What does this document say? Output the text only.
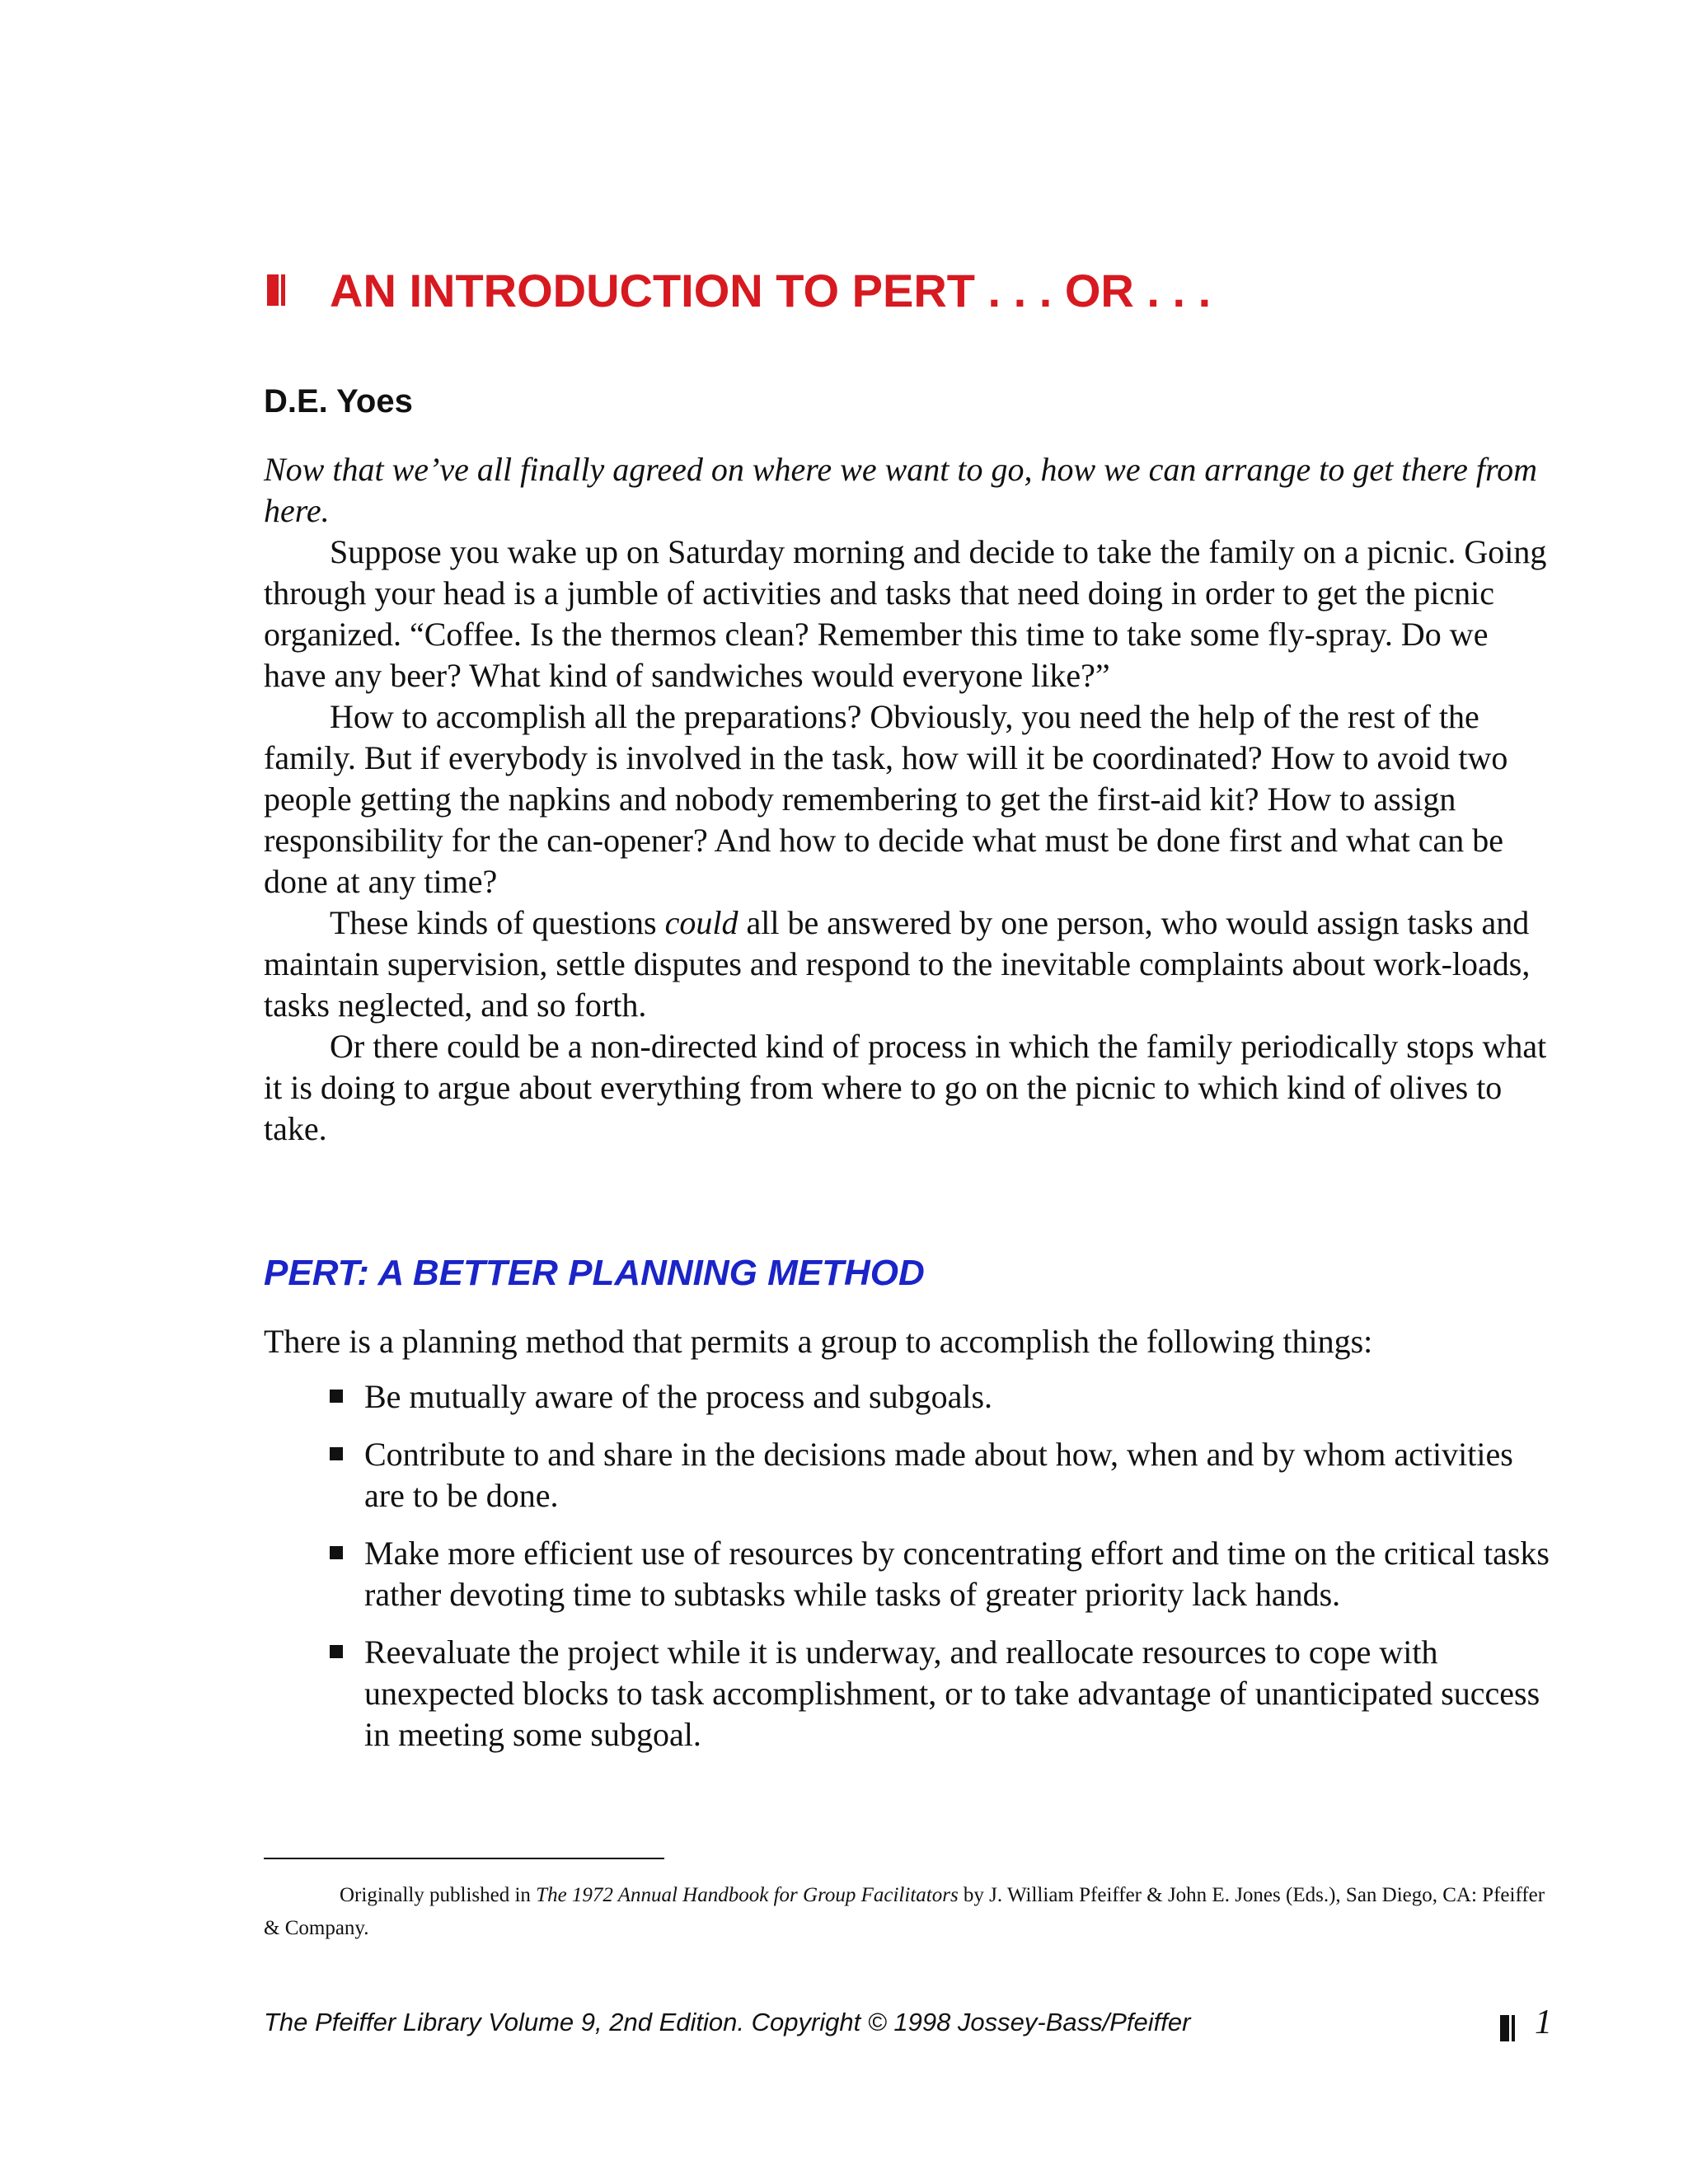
AN INTRODUCTION TO PERT . . . OR . . .
D.E. Yoes

Now that we’ve all finally agreed on where we want to go, how we can arrange to get there from here.

Suppose you wake up on Saturday morning and decide to take the family on a picnic. Going through your head is a jumble of activities and tasks that need doing in order to get the picnic organized. “Coffee. Is the thermos clean? Remember this time to take some fly-spray. Do we have any beer? What kind of sandwiches would everyone like?”

How to accomplish all the preparations? Obviously, you need the help of the rest of the family. But if everybody is involved in the task, how will it be coordinated? How to avoid two people getting the napkins and nobody remembering to get the first-aid kit? How to assign responsibility for the can-opener? And how to decide what must be done first and what can be done at any time?

These kinds of questions could all be answered by one person, who would assign tasks and maintain supervision, settle disputes and respond to the inevitable complaints about work-loads, tasks neglected, and so forth.

Or there could be a non-directed kind of process in which the family periodically stops what it is doing to argue about everything from where to go on the picnic to which kind of olives to take.

PERT: A BETTER PLANNING METHOD

There is a planning method that permits a group to accomplish the following things:

Be mutually aware of the process and subgoals.
Contribute to and share in the decisions made about how, when and by whom activities are to be done.
Make more efficient use of resources by concentrating effort and time on the critical tasks rather devoting time to subtasks while tasks of greater priority lack hands.
Reevaluate the project while it is underway, and reallocate resources to cope with unexpected blocks to task accomplishment, or to take advantage of unanticipated success in meeting some subgoal.

Originally published in The 1972 Annual Handbook for Group Facilitators by J. William Pfeiffer & John E. Jones (Eds.), San Diego, CA: Pfeiffer & Company.

The Pfeiffer Library Volume 9, 2nd Edition. Copyright © 1998 Jossey-Bass/Pfeiffer	1
